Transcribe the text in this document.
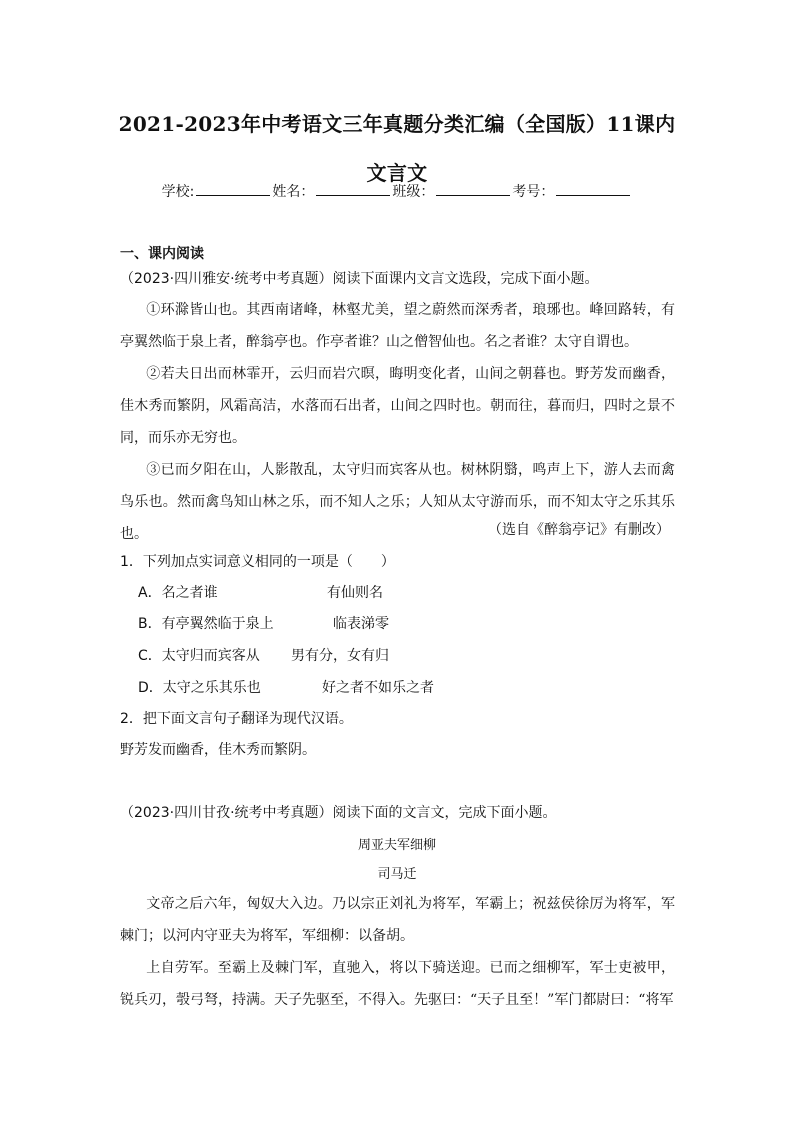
2021-2023年中考语文三年真题分类汇编（全国版）11课内文言文
学校:	姓名：	班级：	考号：
一、课内阅读
（2023·四川雅安·统考中考真题）阅读下面课内文言文选段，完成下面小题。
①环滁皆山也。其西南诸峰，林壑尤美，望之蔚然而深秀者，琅琊也。峰回路转，有亭翼然临于泉上者，醉翁亭也。作亭者谁？山之僧智仙也。名之者谁？太守自谓也。
②若夫日出而林霏开，云归而岩穴暝，晦明变化者，山间之朝暮也。野芳发而幽香，佳木秀而繁阴，风霜高洁，水落而石出者，山间之四时也。朝而往，暮而归，四时之景不同，而乐亦无穷也。
③已而夕阳在山，人影散乱，太守归而宾客从也。树林阴翳，鸣声上下，游人去而禽鸟乐也。然而禽鸟知山林之乐，而不知人之乐；人知从太守游而乐，而不知太守之乐其乐也。	（选自《醉翁亭记》有删改）
1．下列加点实词意义相同的一项是（　　）
A．名之者谁	有仙则名
B．有亭翼然临于泉上	临表涕零
C．太守归而宾客从 男有分，女有归
D．太守之乐其乐也	好之者不如乐之者
2．把下面文言句子翻译为现代汉语。
野芳发而幽香，佳木秀而繁阴。
（2023·四川甘孜·统考中考真题）阅读下面的文言文，完成下面小题。
周亚夫军细柳
司马迁
文帝之后六年，匈奴大入边。乃以宗正刘礼为将军，军霸上；祝兹侯徐厉为将军，军棘门；以河内守亚夫为将军，军细柳：以备胡。
上自劳军。至霸上及棘门军，直驰入，将以下骑送迎。已而之细柳军，军士吏被甲，锐兵刃，彀弓弩，持满。天子先驱至，不得入。先驱曰：“天子且至！”军门都尉曰：“将军
